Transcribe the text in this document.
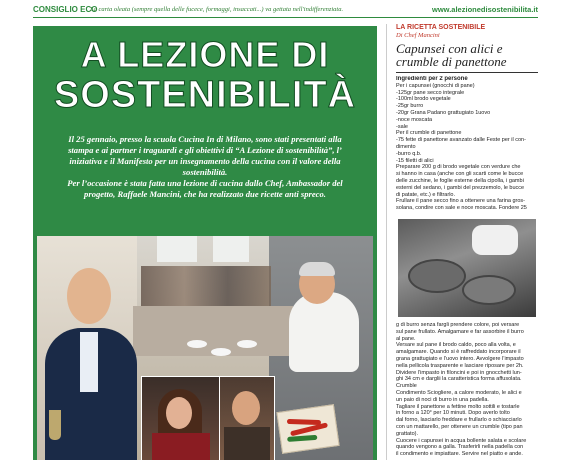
CONSIGLIO ECO
La carta oleata (sempre quella delle fucece, formaggi, insaccati...) va gettata nell'indifferenziata.	www.alezionedisostenibilita.it
A LEZIONE DI
SOSTENIBILITÀ

Il 25 gennaio, presso la scuola Cucina In di Milano, sono stati presentati alla stampa e ai partner i traguardi e gli obiettivi di “A Lezione di sostenibilità”, l’ iniziativa e il Manifesto per un insegnamento della cucina con il valore della sostenibilità.

Per l’occasione è stata fatta una lezione di cucina dallo Chef, Ambassador del progetto, Raffaele Mancini, che ha realizzato due ricette anti spreco.

LA RICETTA SOSTENIBILE
Di Chef Mancini
Capunsei con alici e crumble di panettone
Ingredienti per 2 persone
Per i capunsei (gnocchi di pane)
-125gr pane secco integrale
-100ml brodo vegetale
-25gr burro
-20gr Grana Padano grattugiato 1uovo
-noce moscata
-sale
Per il crumble di panettone
-75 fette di panettone avanzato dalle Feste per il con-
dimento
-burro q.b.
-15 filetti di alici
Preparare 200 g di brodo vegetale con verdure che
si hanno in casa (anche con gli scarti come le bucce
delle zucchine, le foglie esterne della cipolla, i gambi
esterni del sedano, i gambi del prezzemolo, le bucce
di patate, etc.) e filtrarlo.
Frullare il pane secco fino a ottenere una farina gros-
solana, condire con sale e noce moscata. Fondere 25
g di burro senza fargli prendere colore, poi versare
sul pane frullato. Amalgamare e far assorbire il burro
al pane.
Versare sul pane il brodo caldo, poco alla volta, e
amalgamare. Quando si è raffreddato incorporare il
grana grattugiato e l’uovo intero. Avvolgere l’impasto
nella pellicola trasparente e lasciare riposare per 2h.
Dividere l’impasto in filoncini e poi in gnocchetti lun-
ghi 34 cm e darglii la caratteristica forma affusolata.
Crumble
Condimento Sciogliere, a calore moderato, le alici e
un paio di noci di burro in una padella.
Tagliare il panettone a fettine molto sottili e tostarle
in forno a 120° per 10 minuti. Dopo averlo tolto
dal forno, lasciarlo freddare e frullarlo o schiacciarlo
con un mattarello, per ottenere un crumble (tipo pan
grattato).
Cuocere i capunsei in acqua bollente salata e scolare
quando vengono a galla. Trasferirli nella padella con
il condimento e impiattare. Servire nel piatto e ande.
